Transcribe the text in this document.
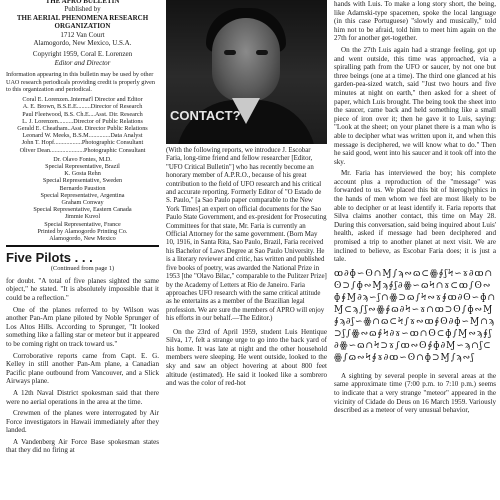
THE APRO BULLETIN
Published by
THE AERIAL PHENOMENA RESEARCH ORGANIZATION
1712 Van Court
Alamogordo, New Mexico, U.S.A.
Copyright 1959, Coral E. Lorenzen
Editor and Director
Information appearing in this bulletin may be used by other UAO research periodicals providing credit is properly given to this organization and periodical.
Coral E. Lorenzen..Internat'l Director and Editor
A. E. Brown, B.S.E.E.........Director of Research
Paul Fleetwood, B.S. Ch.E....Asst. Dir. Research
L. J. Lorenzen..........Director of Public Relations
Gerald E. Cheatham..Asst. Director Public Relations
Leonard W. Meeks, B.S.M..............Data Analyst
John T. Hopf..................Photographic Consultant
Oliver Dean......................Photographic Consultant
Dr. Olavo Fontes, M.D.
Special Representative, Brazil
K. Gosta Rehn
Special Representative, Sweden
Bernardo Paustion
Special Representative, Argentina
Graham Conway
Special Representative, Eastern Canada
Jimmie Kuvol
Special Representative, France
Printed by Alamogordo Printing Co.
Alamogordo, New Mexico
Five Pilots . . .
(Continued from page 1)

for doubt. "A total of five planes sighted the same object," he stated. "It is absolutely impossible that it could be a reflection."

One of the planes referred to by Wilson was another Pan-Am plane piloted by Noble Sprunger of Los Altos Hills. According to Sprunger, "It looked something like a falling star or meteor but it appeared to be coming right on track toward us."

Corroborative reports came from Capt. E. G. Kelley in still another Pan-Am plane, a Canadian Pacific plane outbound from Vancouver, and a Slick Airways plane.

A 12th Naval District spokesman said that there were no aerial operations in the area at the time.

Crewmen of the planes were interrogated by Air Force investigators in Hawaii immediately after they landed.

A Vandenberg Air Force Base spokesman states that they did no firing at

CONTACT?
(With the following reports, we introduce J. Escobar Faria, long-time friend and fellow researcher [Editor, "UFO Critical Bulletin"] who has recently become an honorary member of A.P.R.O., because of his great contribution to the field of UFO research and his critical and accurate reporting. Formerly Editor of "O Estado de S. Paulo," [a Sao Paulo paper comparable to the New York Times] an expert on official documents for the Sao Paulo State Government, and ex-president for Prosecuting Committees for that state, Mr. Faria is currently an Official Attorney for the same government. (Born May 10, 1916, in Santa Rita, Sao Paulo, Brazil, Faria received his Bachelor of Laws Degree at Sao Paulo University. He is a literary reviewer and critic, has written and published five books of poetry, was awarded the National Prize in 1953 [the "Olavo Bilac," comparable to the Pulitzer Prize] by the Academy of Letters at Rio de Janeiro. Faria approaches UFO research with the same critical attitude as he entertains as a member of the Brazilian legal profession. We are sure the members of APRO will enjoy his efforts in our behalf.—The Editor.)

On the 23rd of April 1959, student Luis Hentique Silva, 17, felt a strange urge to go into the back yard of his home. It was late at night and the other household members were sleeping. He went outside, looked to the sky and saw an object hovering at about 800 feet altitude (estimated). He said it looked like a sombrero and was the color of red-hot

hands with Luis. To make a long story short, the being, like Adamski-type spacemen, spoke the local language (in this case Portuguese) "slowly and musically," told him not to be afraid, told him to meet him again on the 27th for another get-together.

On the 27th Luis again had a strange feeling, got up and went outside, this time was approached, via a spiralling path from the UFO or saucer, by not one but three beings (one at a time). The third one glanced at his garden-pea-sized watch, said "Just two hours and five minutes at night on earth," then asked for a sheet of paper, which Luis brought. The being took the sheet into the saucer, came back and held something like a small piece of iron over it; then he gave it to Luis, saying: "Look at the sheet; on your planet there is a man who is able to decipher what was written upon it, and when this message is deciphered, we will know what to do." Then he said good, went into his saucer and it took off into the sky.

Mr. Faria has interviewed the boy; his complete account plus a reproduction of the "message" was forwarded to us. We placed this bit of hieroglyphics in the hands of men whom we feel are most likely to be able to decipher or at least identify it. Faria reports that Silva claims another contact, this time on May 28. During this conversation, said being inquired about Luis' health, asked if message had been deciphered and promised a trip to another planet at next visit. We are inclined to believe, as Escobar Faria does; it is just a tale.

ꝏ∂ɸ∽ʘ∩Ɱ∫ϡ∾ɷ⊂ꙮ∮ʃϞ∽ɤ∂ꝏ∩ʘ⊃∫ɸ∾Ɱϡ∮ʃ∂ꙮ∽ɷϞ∩ɤ⊂ꝏ∫ʘ∾ɸ∮Ɱ∂ϡ∽ʃ∩ꙮ⊃ɷ∫Ϟ∾ɤ∮ꝏ∂ʘ∽ɸ∩Ɱ⊂ϡ∫ʃ∾ꙮ∮ɷ∂Ϟ∽ɤ∩ꝏ⊃ʘ∫ɸ∾Ɱ∮ϡ∂ʃ∽ꙮ∩ɷ⊂Ϟ∫ɤ∾ꝏ∮ʘ∂ɸ∽Ɱ∩ϡ⊃ʃ∫ꙮ∾ɷ∮Ϟ∂ɤ∽ꝏ∩ʘ⊂ɸ∫Ɱ∾ϡ∮ʃ∂ꙮ∽ɷ∩Ϟ⊃ɤ∫ꝏ∾ʘ∮ɸ∂Ɱ∽ϡ∩ʃ⊂ꙮ∫ɷ∾Ϟ∮ɤ∂ꝏ∽ʘ∩ɸ⊃Ɱ∫ϡ∾ʃ

A sighting by several people in several areas at the same approximate time (7:00 p.m. to 7:10 p.m.) seems to indicate that a very strange "meteor" appeared in the vicinity of Cidade do Deus on 16 March 1959. Variously described as a meteor of very unusual behavior,
